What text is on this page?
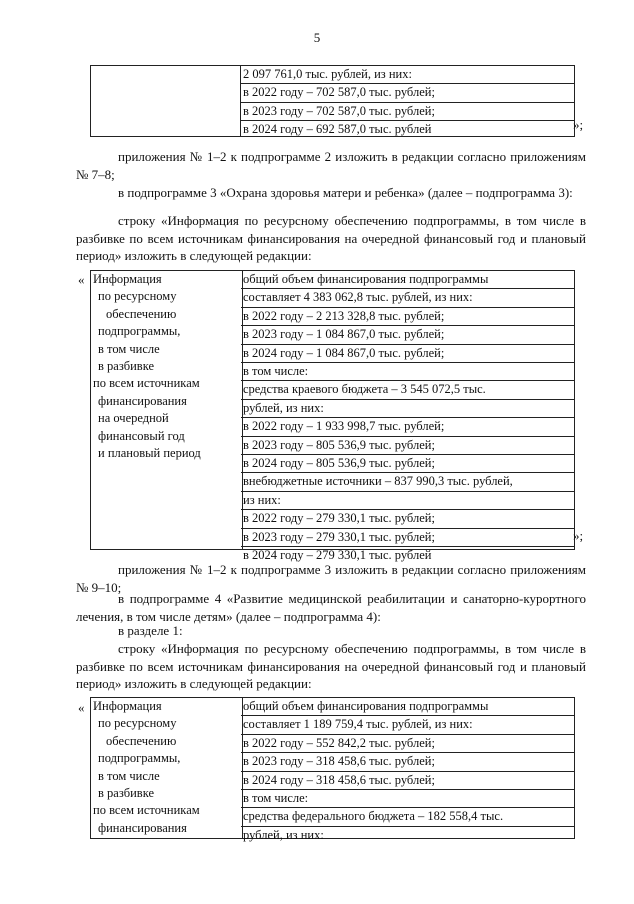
5
2 097 761,0 тыс. рублей, из них:
в 2022 году – 702 587,0 тыс. рублей;
в 2023 году – 702 587,0 тыс. рублей;
в 2024 году – 692 587,0 тыс. рублей	»;
приложения № 1–2 к подпрограмме 2 изложить в редакции согласно приложениям № 7–8;
в подпрограмме 3 «Охрана здоровья матери и ребенка» (далее – подпрограмма 3):
строку «Информация по ресурсному обеспечению подпрограммы, в том числе в разбивке по всем источникам финансирования на очередной финансовый год и плановый период» изложить в следующей редакции:
« Информация
по ресурсному
обеспечению
подпрограммы,
в том числе
в разбивке
по всем источникам
финансирования
на очередной
финансовый год
и плановый период
общий объем финансирования подпрограммы
составляет 4 383 062,8 тыс. рублей, из них:
в 2022 году – 2 213 328,8 тыс. рублей;
в 2023 году – 1 084 867,0 тыс. рублей;
в 2024 году – 1 084 867,0 тыс. рублей;
в том числе:
средства краевого бюджета – 3 545 072,5 тыс.
рублей, из них:
в 2022 году – 1 933 998,7 тыс. рублей;
в 2023 году – 805 536,9 тыс. рублей;
в 2024 году – 805 536,9 тыс. рублей;
внебюджетные источники – 837 990,3 тыс. рублей,
из них:
в 2022 году – 279 330,1 тыс. рублей;
в 2023 году – 279 330,1 тыс. рублей;
в 2024 году – 279 330,1 тыс. рублей
»;
приложения № 1–2 к подпрограмме 3 изложить в редакции согласно приложениям № 9–10;
в подпрограмме 4 «Развитие медицинской реабилитации и санаторно-курортного лечения, в том числе детям» (далее – подпрограмма 4):
в разделе 1:
строку «Информация по ресурсному обеспечению подпрограммы, в том числе в разбивке по всем источникам финансирования на очередной финансовый год и плановый период» изложить в следующей редакции:
« Информация
по ресурсному
обеспечению
подпрограммы,
в том числе
в разбивке
по всем источникам
финансирования
общий объем финансирования подпрограммы
составляет 1 189 759,4 тыс. рублей, из них:
в 2022 году – 552 842,2 тыс. рублей;
в 2023 году – 318 458,6 тыс. рублей;
в 2024 году – 318 458,6 тыс. рублей;
в том числе:
средства федерального бюджета – 182 558,4 тыс.
рублей, из них:
